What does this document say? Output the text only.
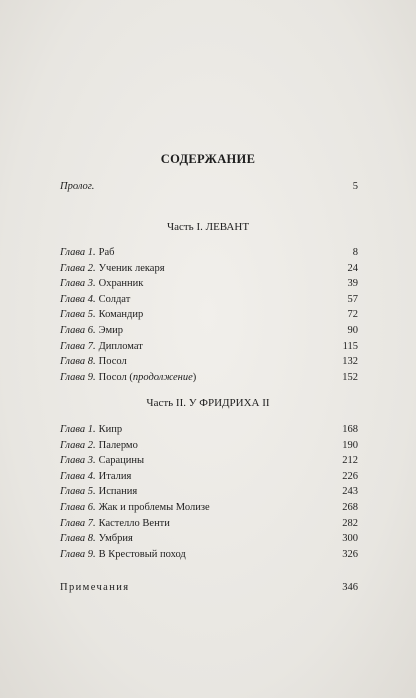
СОДЕРЖАНИЕ
Пролог.	5
Часть I. ЛЕВАНТ
Глава 1. Раб	8
Глава 2. Ученик лекаря	24
Глава 3. Охранник	39
Глава 4. Солдат	57
Глава 5. Командир	72
Глава 6. Эмир	90
Глава 7. Дипломат	115
Глава 8. Посол	132
Глава 9. Посол (продолжение)	152
Часть II. У ФРИДРИХА II
Глава 1. Кипр	168
Глава 2. Палермо	190
Глава 3. Сарацины	212
Глава 4. Италия	226
Глава 5. Испания	243
Глава 6. Жак и проблемы Молизе	268
Глава 7. Кастелло Венти	282
Глава 8. Умбрия	300
Глава 9. В Крестовый поход	326
Примечания	346
